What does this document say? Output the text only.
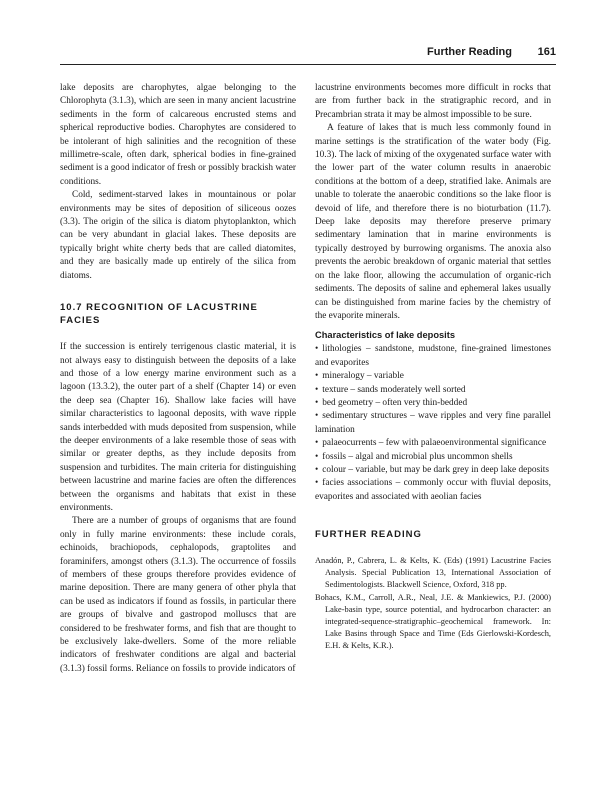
Further Reading 161

lake deposits are charophytes, algae belonging to the Chlorophyta (3.1.3), which are seen in many ancient lacustrine sediments in the form of calcareous encrusted stems and spherical reproductive bodies. Charophytes are considered to be intolerant of high salinities and the recognition of these millimetre-scale, often dark, spherical bodies in fine-grained sediment is a good indicator of fresh or possibly brackish water conditions.

Cold, sediment-starved lakes in mountainous or polar environments may be sites of deposition of siliceous oozes (3.3). The origin of the silica is diatom phytoplankton, which can be very abundant in glacial lakes. These deposits are typically bright white cherty beds that are called diatomites, and they are basically made up entirely of the silica from diatoms.

10.7 RECOGNITION OF LACUSTRINE FACIES

If the succession is entirely terrigenous clastic material, it is not always easy to distinguish between the deposits of a lake and those of a low energy marine environment such as a lagoon (13.3.2), the outer part of a shelf (Chapter 14) or even the deep sea (Chapter 16). Shallow lake facies will have similar characteristics to lagoonal deposits, with wave ripple sands interbedded with muds deposited from suspension, while the deeper environments of a lake resemble those of seas with similar or greater depths, as they include deposits from suspension and turbidites. The main criteria for distinguishing between lacustrine and marine facies are often the differences between the organisms and habitats that exist in these environments.

There are a number of groups of organisms that are found only in fully marine environments: these include corals, echinoids, brachiopods, cephalopods, graptolites and foraminifers, amongst others (3.1.3). The occurrence of fossils of members of these groups therefore provides evidence of marine deposition. There are many genera of other phyla that can be used as indicators if found as fossils, in particular there are groups of bivalve and gastropod molluscs that are considered to be freshwater forms, and fish that are thought to be exclusively lake-dwellers. Some of the more reliable indicators of freshwater conditions are algal and bacterial (3.1.3) fossil forms. Reliance on fossils to provide indicators of

lacustrine environments becomes more difficult in rocks that are from further back in the stratigraphic record, and in Precambrian strata it may be almost impossible to be sure.

A feature of lakes that is much less commonly found in marine settings is the stratification of the water body (Fig. 10.3). The lack of mixing of the oxygenated surface water with the lower part of the water column results in anaerobic conditions at the bottom of a deep, stratified lake. Animals are unable to tolerate the anaerobic conditions so the lake floor is devoid of life, and therefore there is no bioturbation (11.7). Deep lake deposits may therefore preserve primary sedimentary lamination that in marine environments is typically destroyed by burrowing organisms. The anoxia also prevents the aerobic breakdown of organic material that settles on the lake floor, allowing the accumulation of organic-rich sediments. The deposits of saline and ephemeral lakes usually can be distinguished from marine facies by the chemistry of the evaporite minerals.

Characteristics of lake deposits
• lithologies – sandstone, mudstone, fine-grained limestones and evaporites
• mineralogy – variable
• texture – sands moderately well sorted
• bed geometry – often very thin-bedded
• sedimentary structures – wave ripples and very fine parallel lamination
• palaeocurrents – few with palaeoenvironmental significance
• fossils – algal and microbial plus uncommon shells
• colour – variable, but may be dark grey in deep lake deposits
• facies associations – commonly occur with fluvial deposits, evaporites and associated with aeolian facies
FURTHER READING
Anadón, P., Cabrera, L. & Kelts, K. (Eds) (1991) Lacustrine Facies Analysis. Special Publication 13, International Association of Sedimentologists. Blackwell Science, Oxford, 318 pp.
Bohacs, K.M., Carroll, A.R., Neal, J.E. & Mankiewics, P.J. (2000) Lake-basin type, source potential, and hydrocarbon character: an integrated-sequence-stratigraphic–geochemical framework. In: Lake Basins through Space and Time (Eds Gierlowski-Kordesch, E.H. & Kelts, K.R.).
